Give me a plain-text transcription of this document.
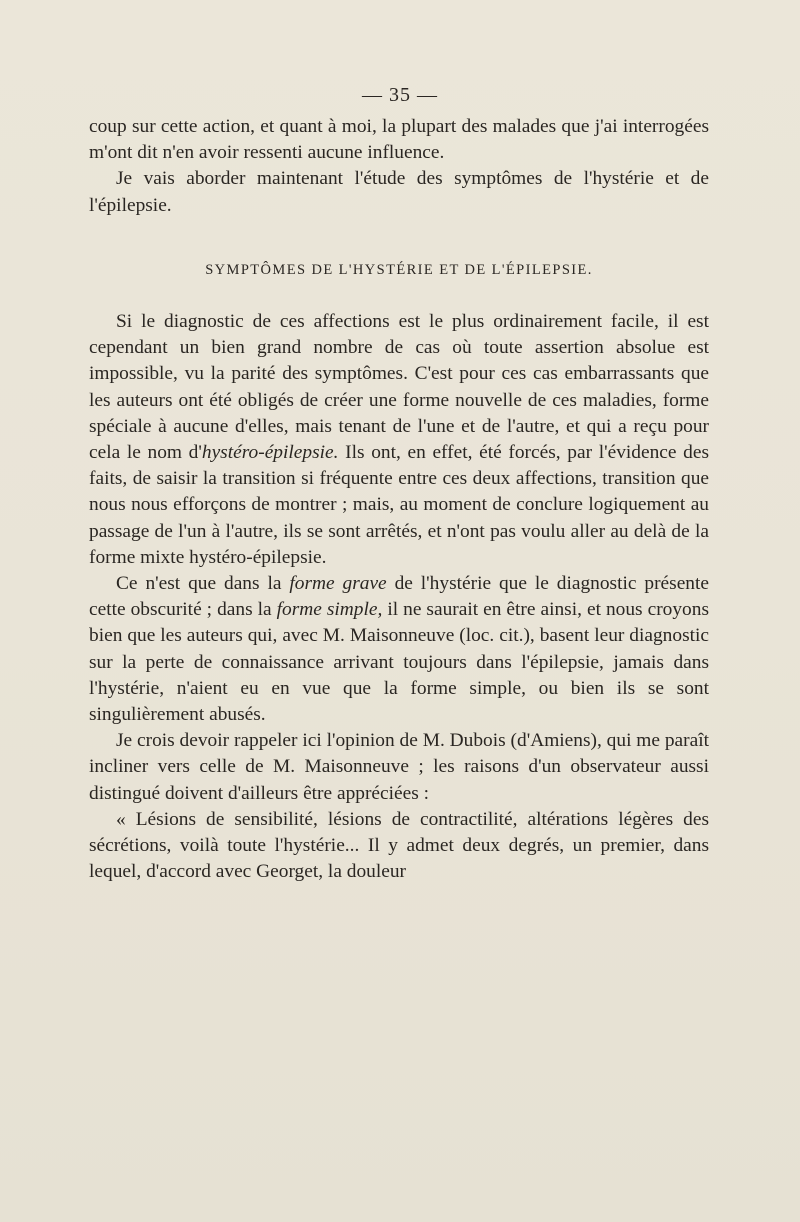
— 35 —

coup sur cette action, et quant à moi, la plupart des malades que j'ai interrogées m'ont dit n'en avoir ressenti aucune influence.

Je vais aborder maintenant l'étude des symptômes de l'hystérie et de l'épilepsie.

SYMPTÔMES DE L'HYSTÉRIE ET DE L'ÉPILEPSIE.

Si le diagnostic de ces affections est le plus ordinairement facile, il est cependant un bien grand nombre de cas où toute assertion absolue est impossible, vu la parité des symptômes. C'est pour ces cas embarrassants que les auteurs ont été obligés de créer une forme nouvelle de ces maladies, forme spéciale à aucune d'elles, mais tenant de l'une et de l'autre, et qui a reçu pour cela le nom d'hystéro-épilepsie. Ils ont, en effet, été forcés, par l'évidence des faits, de saisir la transition si fréquente entre ces deux affections, transition que nous nous efforçons de montrer ; mais, au moment de conclure logiquement au passage de l'un à l'autre, ils se sont arrêtés, et n'ont pas voulu aller au delà de la forme mixte hystéro-épilepsie.

Ce n'est que dans la forme grave de l'hystérie que le diagnostic présente cette obscurité ; dans la forme simple, il ne saurait en être ainsi, et nous croyons bien que les auteurs qui, avec M. Maisonneuve (loc. cit.), basent leur diagnostic sur la perte de connaissance arrivant toujours dans l'épilepsie, jamais dans l'hystérie, n'aient eu en vue que la forme simple, ou bien ils se sont singulièrement abusés.

Je crois devoir rappeler ici l'opinion de M. Dubois (d'Amiens), qui me paraît incliner vers celle de M. Maisonneuve ; les raisons d'un observateur aussi distingué doivent d'ailleurs être appréciées :

« Lésions de sensibilité, lésions de contractilité, altérations légères des sécrétions, voilà toute l'hystérie... Il y admet deux degrés, un premier, dans lequel, d'accord avec Georget, la douleur
